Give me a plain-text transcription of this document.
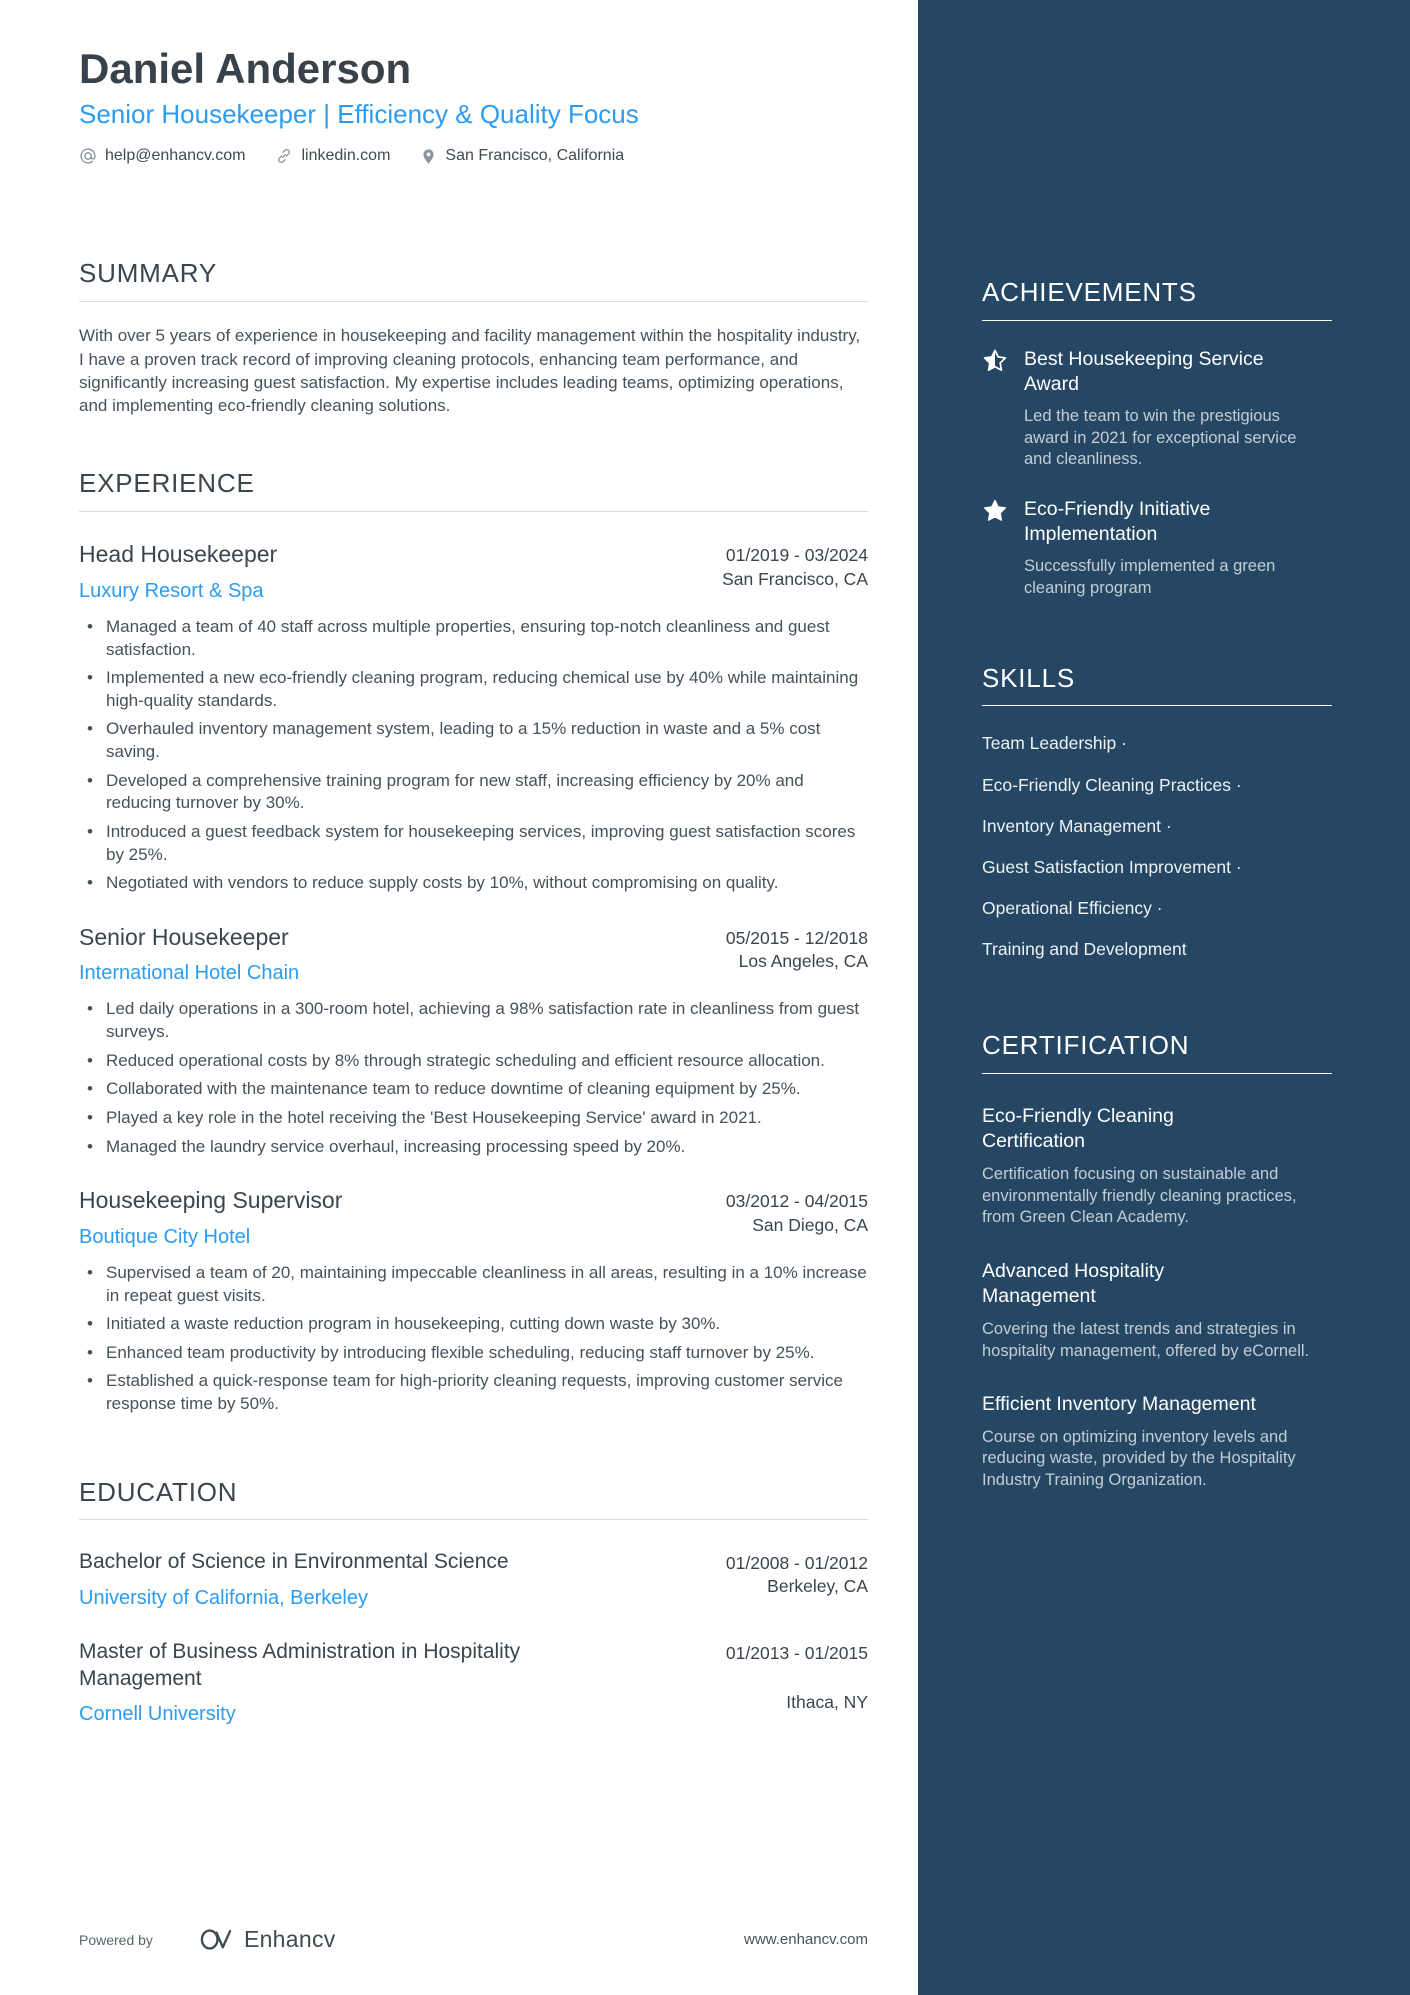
Daniel Anderson
Senior Housekeeper | Efficiency & Quality Focus
help@enhancv.com	linkedin.com	San Francisco, California
SUMMARY

With over 5 years of experience in housekeeping and facility management within the hospitality industry, I have a proven track record of improving cleaning protocols, enhancing team performance, and significantly increasing guest satisfaction. My expertise includes leading teams, optimizing operations, and implementing eco-friendly cleaning solutions.

EXPERIENCE
Head Housekeeper	01/2019 - 03/2024
Luxury Resort & Spa
San Francisco, CA
• Managed a team of 40 staff across multiple properties, ensuring top-notch cleanliness and guest satisfaction.
• Implemented a new eco-friendly cleaning program, reducing chemical use by 40% while maintaining high-quality standards.
• Overhauled inventory management system, leading to a 15% reduction in waste and a 5% cost saving.
• Developed a comprehensive training program for new staff, increasing efficiency by 20% and reducing turnover by 30%.
• Introduced a guest feedback system for housekeeping services, improving guest satisfaction scores by 25%.
• Negotiated with vendors to reduce supply costs by 10%, without compromising on quality.
Senior Housekeeper	05/2015 - 12/2018
International Hotel Chain
Los Angeles, CA
• Led daily operations in a 300-room hotel, achieving a 98% satisfaction rate in cleanliness from guest surveys.
• Reduced operational costs by 8% through strategic scheduling and efficient resource allocation.
• Collaborated with the maintenance team to reduce downtime of cleaning equipment by 25%.
• Played a key role in the hotel receiving the 'Best Housekeeping Service' award in 2021.
• Managed the laundry service overhaul, increasing processing speed by 20%.
Housekeeping Supervisor	03/2012 - 04/2015
Boutique City Hotel
San Diego, CA
• Supervised a team of 20, maintaining impeccable cleanliness in all areas, resulting in a 10% increase in repeat guest visits.
• Initiated a waste reduction program in housekeeping, cutting down waste by 30%.
• Enhanced team productivity by introducing flexible scheduling, reducing staff turnover by 25%.
• Established a quick-response team for high-priority cleaning requests, improving customer service response time by 50%.
EDUCATION
Bachelor of Science in Environmental Science	01/2008 - 01/2012
University of California, Berkeley
Berkeley, CA
Master of Business Administration in Hospitality Management
01/2013 - 01/2015
Cornell University
Ithaca, NY
Powered by	Enhancv	www.enhancv.com
ACHIEVEMENTS
Best Housekeeping Service Award
Led the team to win the prestigious award in 2021 for exceptional service and cleanliness.
Eco-Friendly Initiative Implementation
Successfully implemented a green cleaning program
SKILLS
Team Leadership ·
Eco-Friendly Cleaning Practices ·
Inventory Management ·
Guest Satisfaction Improvement ·
Operational Efficiency ·
Training and Development
CERTIFICATION
Eco-Friendly Cleaning Certification
Certification focusing on sustainable and environmentally friendly cleaning practices, from Green Clean Academy.
Advanced Hospitality Management
Covering the latest trends and strategies in hospitality management, offered by eCornell.
Efficient Inventory Management
Course on optimizing inventory levels and reducing waste, provided by the Hospitality Industry Training Organization.
